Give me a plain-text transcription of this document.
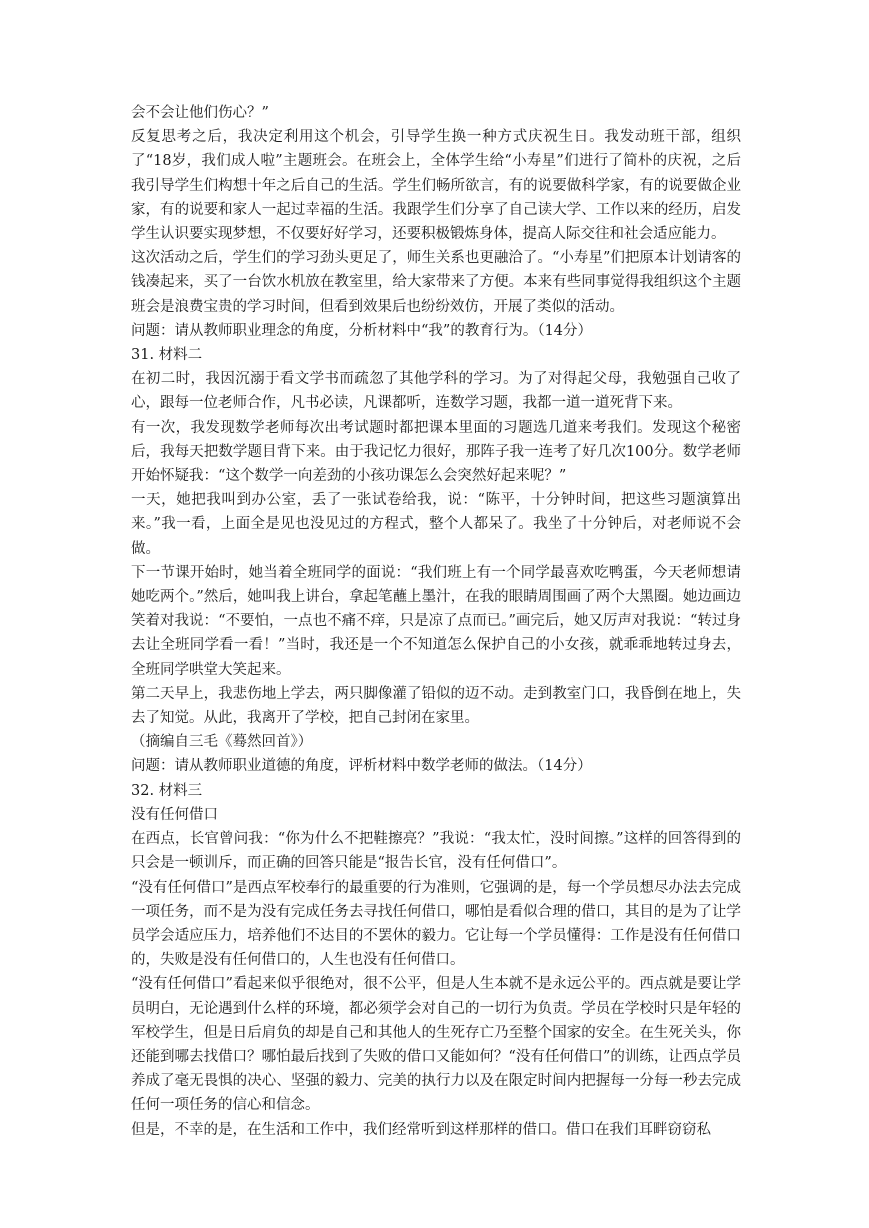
会不会让他们伤心？”

反复思考之后，我决定利用这个机会，引导学生换一种方式庆祝生日。我发动班干部，组织了“18岁，我们成人啦”主题班会。在班会上，全体学生给“小寿星”们进行了简朴的庆祝，之后我引导学生们构想十年之后自己的生活。学生们畅所欲言，有的说要做科学家，有的说要做企业家，有的说要和家人一起过幸福的生活。我跟学生们分享了自己读大学、工作以来的经历，启发学生认识要实现梦想，不仅要好好学习，还要积极锻炼身体，提高人际交往和社会适应能力。

这次活动之后，学生们的学习劲头更足了，师生关系也更融洽了。“小寿星”们把原本计划请客的钱凑起来，买了一台饮水机放在教室里，给大家带来了方便。本来有些同事觉得我组织这个主题班会是浪费宝贵的学习时间，但看到效果后也纷纷效仿，开展了类似的活动。

问题：请从教师职业理念的角度，分析材料中“我”的教育行为。（14分）

31. 材料二

在初二时，我因沉溺于看文学书而疏忽了其他学科的学习。为了对得起父母，我勉强自己收了心，跟每一位老师合作，凡书必读，凡课都听，连数学习题，我都一道一道死背下来。

有一次，我发现数学老师每次出考试题时都把课本里面的习题选几道来考我们。发现这个秘密后，我每天把数学题目背下来。由于我记忆力很好，那阵子我一连考了好几次100分。数学老师开始怀疑我：“这个数学一向差劲的小孩功课怎么会突然好起来呢？”

一天，她把我叫到办公室，丢了一张试卷给我，说：“陈平，十分钟时间，把这些习题演算出来。”我一看，上面全是见也没见过的方程式，整个人都呆了。我坐了十分钟后，对老师说不会做。

下一节课开始时，她当着全班同学的面说：“我们班上有一个同学最喜欢吃鸭蛋，今天老师想请她吃两个。”然后，她叫我上讲台，拿起笔蘸上墨汁，在我的眼睛周围画了两个大黑圈。她边画边笑着对我说：“不要怕，一点也不痛不痒，只是凉了点而已。”画完后，她又厉声对我说：“转过身去让全班同学看一看！”当时，我还是一个不知道怎么保护自己的小女孩，就乖乖地转过身去，全班同学哄堂大笑起来。

第二天早上，我悲伤地上学去，两只脚像灌了铅似的迈不动。走到教室门口，我昏倒在地上，失去了知觉。从此，我离开了学校，把自己封闭在家里。

（摘编自三毛《蓦然回首》）

问题：请从教师职业道德的角度，评析材料中数学老师的做法。（14分）

32. 材料三

没有任何借口

在西点，长官曾问我：“你为什么不把鞋擦亮？”我说：“我太忙，没时间擦。”这样的回答得到的只会是一顿训斥，而正确的回答只能是“报告长官，没有任何借口”。

“没有任何借口”是西点军校奉行的最重要的行为准则，它强调的是，每一个学员想尽办法去完成一项任务，而不是为没有完成任务去寻找任何借口，哪怕是看似合理的借口，其目的是为了让学员学会适应压力，培养他们不达目的不罢休的毅力。它让每一个学员懂得：工作是没有任何借口的，失败是没有任何借口的，人生也没有任何借口。

“没有任何借口”看起来似乎很绝对，很不公平，但是人生本就不是永远公平的。西点就是要让学员明白，无论遇到什么样的环境，都必须学会对自己的一切行为负责。学员在学校时只是年轻的军校学生，但是日后肩负的却是自己和其他人的生死存亡乃至整个国家的安全。在生死关头，你还能到哪去找借口？哪怕最后找到了失败的借口又能如何？“没有任何借口”的训练，让西点学员养成了毫无畏惧的决心、坚强的毅力、完美的执行力以及在限定时间内把握每一分每一秒去完成任何一项任务的信心和信念。

但是，不幸的是，在生活和工作中，我们经常听到这样那样的借口。借口在我们耳畔窃窃私
